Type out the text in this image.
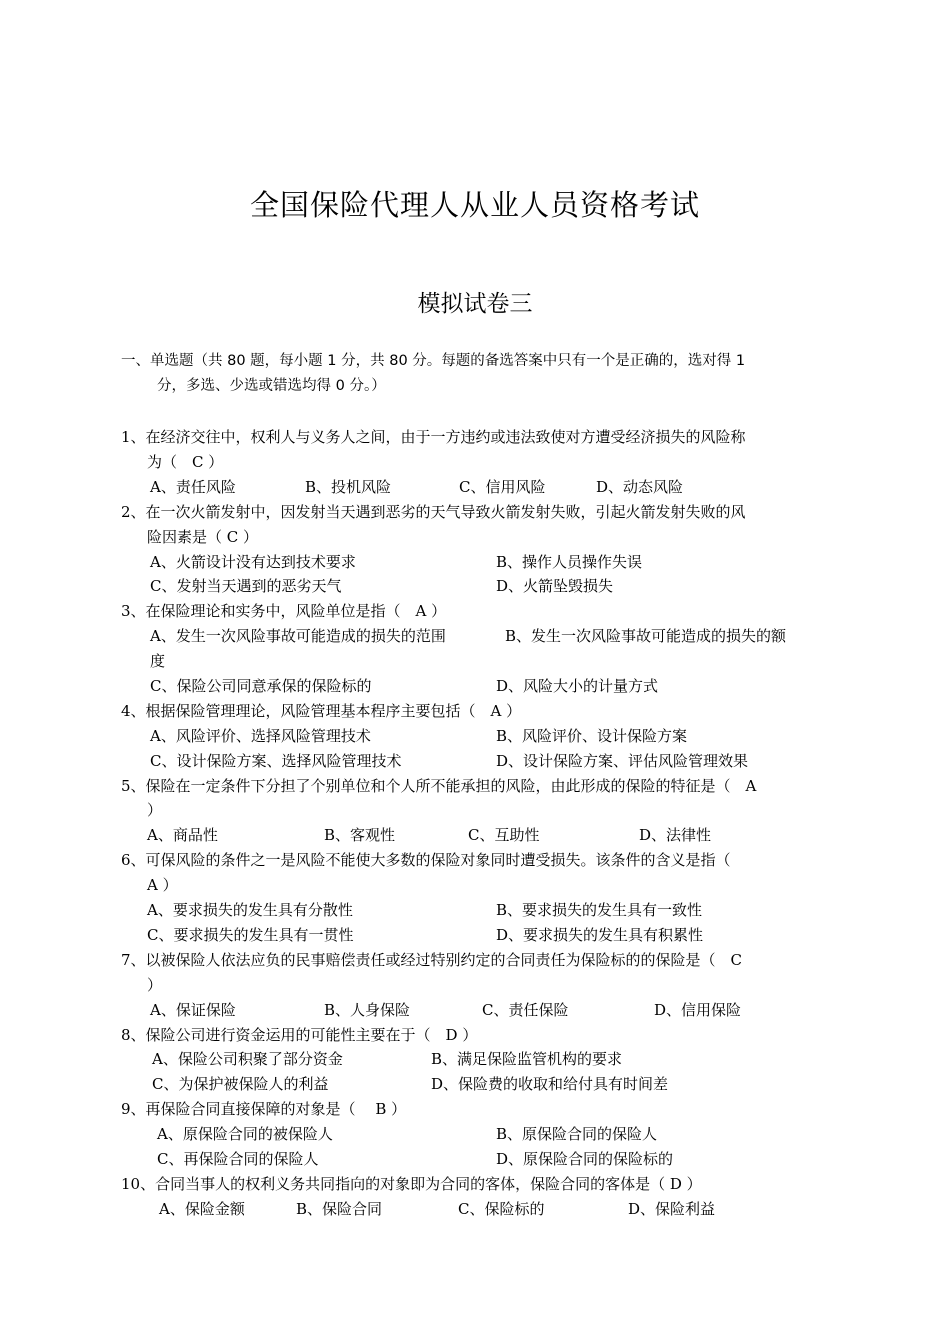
全国保险代理人从业人员资格考试
模拟试卷三
一、单选题（共 80 题，每小题 1 分，共 80 分。每题的备选答案中只有一个是正确的，选对得 1
分，多选、少选或错选均得 0 分。）
1、在经济交往中，权利人与义务人之间，由于一方违约或违法致使对方遭受经济损失的风险称
为（　C ）
A、责任风险	B、投机风险	C、信用风险	D、动态风险
2、在一次火箭发射中，因发射当天遇到恶劣的天气导致火箭发射失败，引起火箭发射失败的风
险因素是（ C ）
A、火箭设计没有达到技术要求	B、操作人员操作失误
C、发射当天遇到的恶劣天气	D、火箭坠毁损失
3、在保险理论和实务中，风险单位是指（　A ）
A、发生一次风险事故可能造成的损失的范围	B、发生一次风险事故可能造成的损失的额
度
C、保险公司同意承保的保险标的	D、风险大小的计量方式
4、根据保险管理理论，风险管理基本程序主要包括（　A ）
A、风险评价、选择风险管理技术	B、风险评价、设计保险方案
C、设计保险方案、选择风险管理技术	D、设计保险方案、评估风险管理效果
5、保险在一定条件下分担了个别单位和个人所不能承担的风险，由此形成的保险的特征是（　A
）
A、商品性	B、客观性	C、互助性	D、法律性
6、可保风险的条件之一是风险不能使大多数的保险对象同时遭受损失。该条件的含义是指（
A ）
A、要求损失的发生具有分散性	B、要求损失的发生具有一致性
C、要求损失的发生具有一贯性	D、要求损失的发生具有积累性
7、以被保险人依法应负的民事赔偿责任或经过特别约定的合同责任为保险标的的保险是（　C
）
A、保证保险	B、人身保险	C、责任保险	D、信用保险
8、保险公司进行资金运用的可能性主要在于（　D ）
A、保险公司积聚了部分资金	B、满足保险监管机构的要求
C、为保护被保险人的利益	D、保险费的收取和给付具有时间差
9、再保险合同直接保障的对象是（　 B ）
A、原保险合同的被保险人	B、原保险合同的保险人
C、再保险合同的保险人	D、原保险合同的保险标的
10、合同当事人的权利义务共同指向的对象即为合同的客体，保险合同的客体是（ D ）
A、保险金额	B、保险合同	C、保险标的	D、保险利益
